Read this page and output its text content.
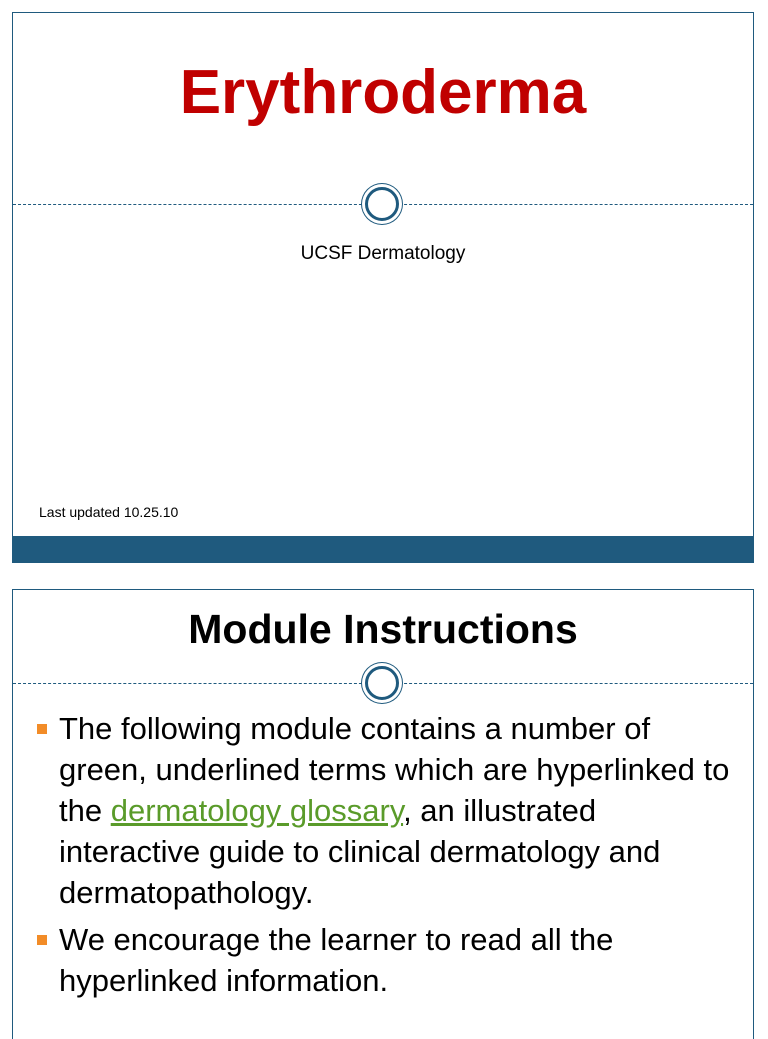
Erythroderma
UCSF Dermatology
Last updated 10.25.10
Module Instructions
The following module contains a number of green, underlined terms which are hyperlinked to the dermatology glossary, an illustrated interactive guide to clinical dermatology and dermatopathology.
We encourage the learner to read all the hyperlinked information.
